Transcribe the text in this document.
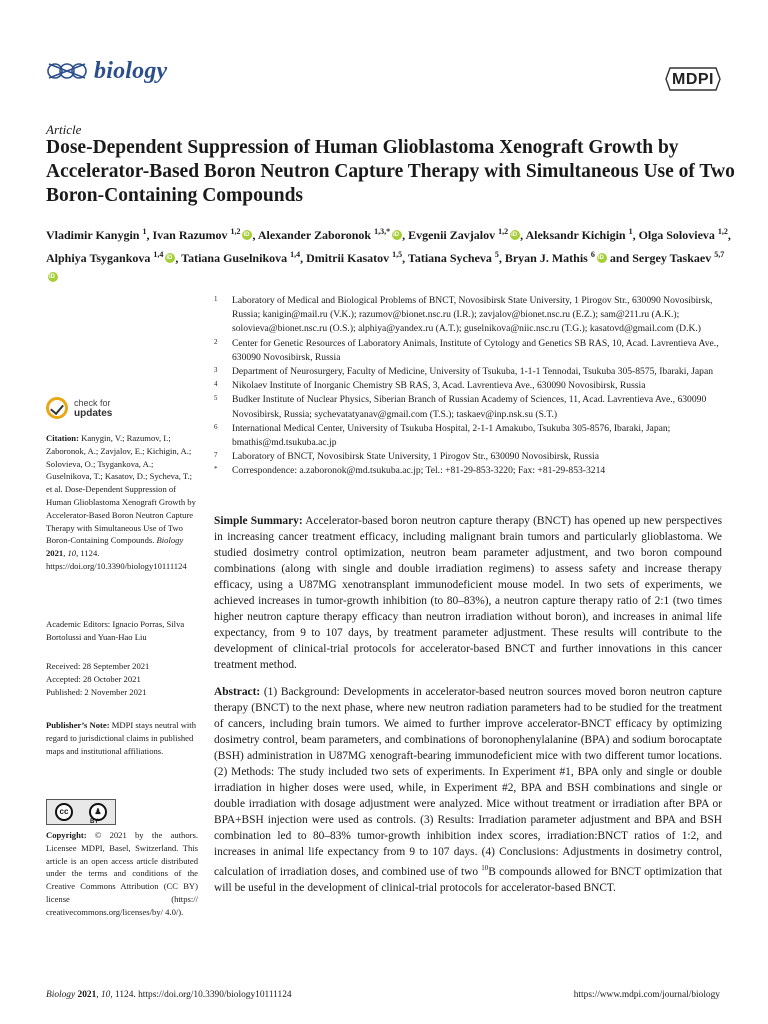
biology	MDPI
Article
Dose-Dependent Suppression of Human Glioblastoma Xenograft Growth by Accelerator-Based Boron Neutron Capture Therapy with Simultaneous Use of Two Boron-Containing Compounds
Vladimir Kanygin $^1$, Ivan Razumov $^{1,2}$ iD , Alexander Zaboronok $^{1,3,*}$ iD , Evgenii Zavjalov $^{1,2}$ iD , Aleksandr Kichigin $^1$, Olga Solovieva $^{1,2}$, Alphiya Tsygankova $^{1,4}$ iD , Tatiana Guselnikova $^{1,4}$, Dmitrii Kasatov $^{1,5}$, Tatiana Sycheva $^5$, Bryan J. Mathis $^6$ iD and Sergey Taskaev $^{5,7}$iD
1	Laboratory of Medical and Biological Problems of BNCT, Novosibirsk State University, 1 Pirogov Str., 630090 Novosibirsk, Russia; kanigin@mail.ru (V.K.); razumov@bionet.nsc.ru (I.R.); zavjalov@bionet.nsc.ru (E.Z.); sam@211.ru (A.K.); solovieva@bionet.nsc.ru (O.S.); alphiya@yandex.ru (A.T.); guselnikova@niic.nsc.ru (T.G.); kasatovd@gmail.com (D.K.)
2	Center for Genetic Resources of Laboratory Animals, Institute of Cytology and Genetics SB RAS, 10, Acad. Lavrentieva Ave., 630090 Novosibirsk, Russia
3	Department of Neurosurgery, Faculty of Medicine, University of Tsukuba, 1-1-1 Tennodai, Tsukuba 305-8575, Ibaraki, Japan
4	Nikolaev Institute of Inorganic Chemistry SB RAS, 3, Acad. Lavrentieva Ave., 630090 Novosibirsk, Russia
5	Budker Institute of Nuclear Physics, Siberian Branch of Russian Academy of Sciences, 11, Acad. Lavrentieva Ave., 630090 Novosibirsk, Russia; sychevatatyanav@gmail.com (T.S.); taskaev@inp.nsk.su (S.T.)
6	International Medical Center, University of Tsukuba Hospital, 2-1-1 Amakubo, Tsukuba 305-8576, Ibaraki, Japan; bmathis@md.tsukuba.ac.jp
7	Laboratory of BNCT, Novosibirsk State University, 1 Pirogov Str., 630090 Novosibirsk, Russia
*	Correspondence: a.zaboronok@md.tsukuba.ac.jp; Tel.: +81-29-853-3220; Fax: +81-29-853-3214
check for
updates
Citation: Kanygin, V.; Razumov, I.; Zaboronok, A.; Zavjalov, E.; Kichigin, A.; Solovieva, O.; Tsygankova, A.; Guselnikova, T.; Kasatov, D.; Sycheva, T.; et al. Dose-Dependent Suppression of Human Glioblastoma Xenograft Growth by Accelerator-Based Boron Neutron Capture Therapy with Simultaneous Use of Two Boron-Containing Compounds. Biology 2021, 10, 1124. https://doi.org/10.3390/biology10111124
Academic Editors: Ignacio Porras, Silva Bortolussi and Yuan-Hao Liu
Received: 28 September 2021
Accepted: 28 October 2021
Published: 2 November 2021
Publisher’s Note: MDPI stays neutral with regard to jurisdictional claims in published maps and institutional affiliations.
cc	♟
BY
Copyright: © 2021 by the authors. Licensee MDPI, Basel, Switzerland. This article is an open access article distributed under the terms and conditions of the Creative Commons Attribution (CC BY) license (https:// creativecommons.org/licenses/by/ 4.0/).
Simple Summary: Accelerator-based boron neutron capture therapy (BNCT) has opened up new perspectives in increasing cancer treatment efficacy, including malignant brain tumors and particularly glioblastoma. We studied dosimetry control optimization, neutron beam parameter adjustment, and two boron compound combinations (along with single and double irradiation regimens) to assess safety and increase therapy efficacy, using a U87MG xenotransplant immunodeficient mouse model. In two sets of experiments, we achieved increases in tumor-growth inhibition (to 80–83%), a neutron capture therapy ratio of 2:1 (two times higher neutron capture therapy efficacy than neutron irradiation without boron), and increases in animal life expectancy, from 9 to 107 days, by treatment parameter adjustment. These results will contribute to the development of clinical-trial protocols for accelerator-based BNCT and further innovations in this cancer treatment method.
Abstract: (1) Background: Developments in accelerator-based neutron sources moved boron neutron capture therapy (BNCT) to the next phase, where new neutron radiation parameters had to be studied for the treatment of cancers, including brain tumors. We aimed to further improve accelerator-BNCT efficacy by optimizing dosimetry control, beam parameters, and combinations of boronophenylalanine (BPA) and sodium borocaptate (BSH) administration in U87MG xenograft-bearing immunodeficient mice with two different tumor locations. (2) Methods: The study included two sets of experiments. In Experiment #1, BPA only and single or double irradiation in higher doses were used, while, in Experiment #2, BPA and BSH combinations and single or double irradiation with dosage adjustment were analyzed. Mice without treatment or irradiation after BPA or BPA+BSH injection were used as controls. (3) Results: Irradiation parameter adjustment and BPA and BSH combination led to 80–83% tumor-growth inhibition index scores, irradiation:BNCT ratios of 1:2, and increases in animal life expectancy from 9 to 107 days. (4) Conclusions: Adjustments in dosimetry control, calculation of irradiation doses, and combined use of two $^{10}$B compounds allowed for BNCT optimization that will be useful in the development of clinical-trial protocols for accelerator-based BNCT.
Biology 2021, 10, 1124. https://doi.org/10.3390/biology10111124	https://www.mdpi.com/journal/biology
